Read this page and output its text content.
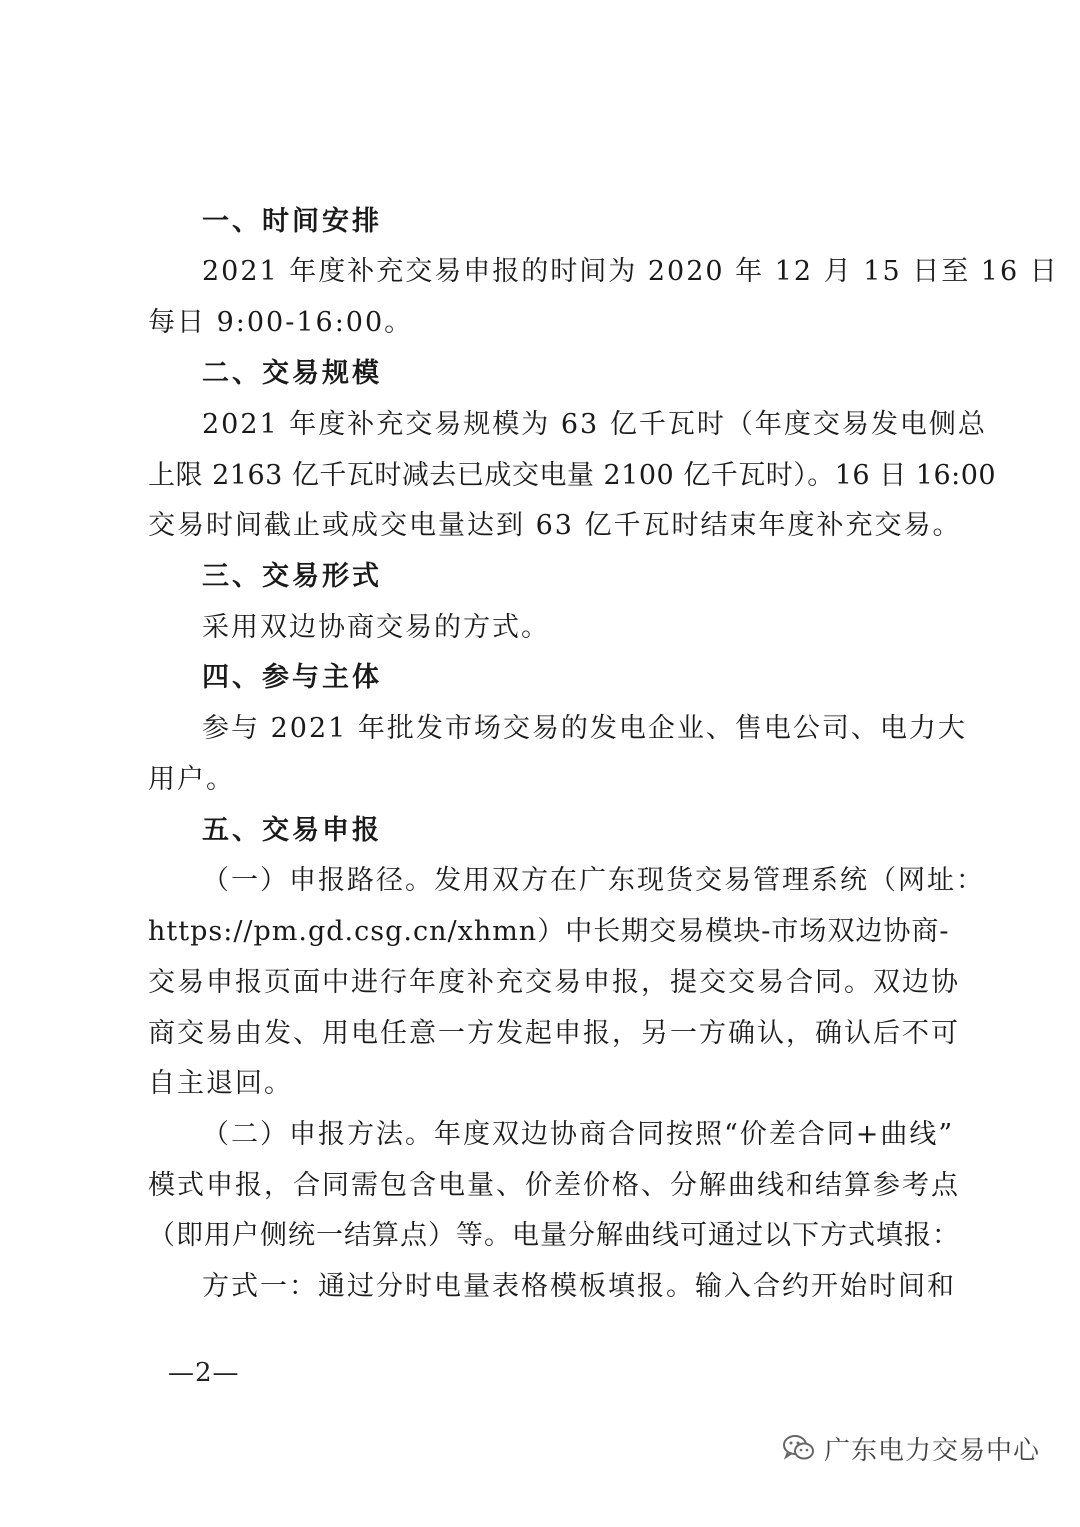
一、时间安排
2021 年度补充交易申报的时间为 2020 年 12 月 15 日至 16 日
每日 9:00-16:00。
二、交易规模
2021 年度补充交易规模为 63 亿千瓦时（年度交易发电侧总
上限 2163 亿千瓦时减去已成交电量 2100 亿千瓦时）。16 日 16:00
交易时间截止或成交电量达到 63 亿千瓦时结束年度补充交易。
三、交易形式
采用双边协商交易的方式。
四、参与主体
参与 2021 年批发市场交易的发电企业、售电公司、电力大
用户。
五、交易申报
（一）申报路径。发用双方在广东现货交易管理系统（网址：
https://pm.gd.csg.cn/xhmn）中长期交易模块-市场双边协商-
交易申报页面中进行年度补充交易申报，提交交易合同。双边协
商交易由发、用电任意一方发起申报，另一方确认，确认后不可
自主退回。
（二）申报方法。年度双边协商合同按照“价差合同+曲线”
模式申报，合同需包含电量、价差价格、分解曲线和结算参考点
（即用户侧统一结算点）等。电量分解曲线可通过以下方式填报：
方式一：通过分时电量表格模板填报。输入合约开始时间和
—2—
广东电力交易中心
